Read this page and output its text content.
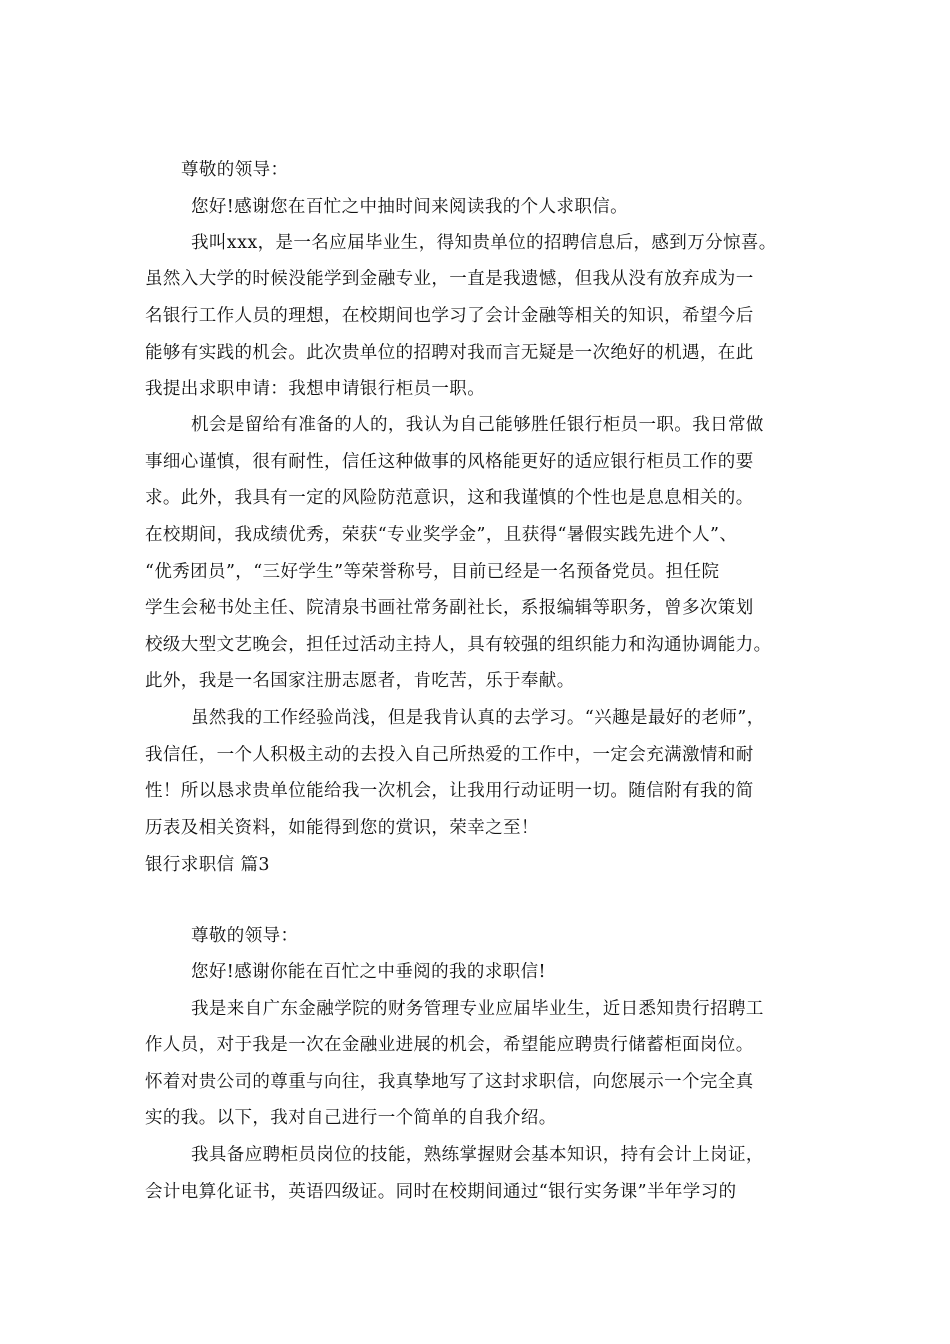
尊敬的领导：
您好!感谢您在百忙之中抽时间来阅读我的个人求职信。
我叫xxx，是一名应届毕业生，得知贵单位的招聘信息后，感到万分惊喜。
虽然入大学的时候没能学到金融专业，一直是我遗憾，但我从没有放弃成为一
名银行工作人员的理想，在校期间也学习了会计金融等相关的知识，希望今后
能够有实践的机会。此次贵单位的招聘对我而言无疑是一次绝好的机遇，在此
我提出求职申请：我想申请银行柜员一职。
机会是留给有准备的人的，我认为自己能够胜任银行柜员一职。我日常做
事细心谨慎，很有耐性，信任这种做事的风格能更好的适应银行柜员工作的要
求。此外，我具有一定的风险防范意识，这和我谨慎的个性也是息息相关的。
在校期间，我成绩优秀，荣获“专业奖学金”，且获得“暑假实践先进个人”、
“优秀团员”，“三好学生”等荣誉称号，目前已经是一名预备党员。担任院
学生会秘书处主任、院清泉书画社常务副社长，系报编辑等职务，曾多次策划
校级大型文艺晚会，担任过活动主持人，具有较强的组织能力和沟通协调能力。
此外，我是一名国家注册志愿者，肯吃苦，乐于奉献。
虽然我的工作经验尚浅，但是我肯认真的去学习。“兴趣是最好的老师”，
我信任，一个人积极主动的去投入自己所热爱的工作中，一定会充满激情和耐
性！所以恳求贵单位能给我一次机会，让我用行动证明一切。随信附有我的简
历表及相关资料，如能得到您的赏识，荣幸之至！
银行求职信 篇3
尊敬的领导：
您好!感谢你能在百忙之中垂阅的我的求职信!
我是来自广东金融学院的财务管理专业应届毕业生，近日悉知贵行招聘工
作人员，对于我是一次在金融业进展的机会，希望能应聘贵行储蓄柜面岗位。
怀着对贵公司的尊重与向往，我真挚地写了这封求职信，向您展示一个完全真
实的我。以下，我对自己进行一个简单的自我介绍。
我具备应聘柜员岗位的技能，熟练掌握财会基本知识，持有会计上岗证，
会计电算化证书，英语四级证。同时在校期间通过“银行实务课”半年学习的
